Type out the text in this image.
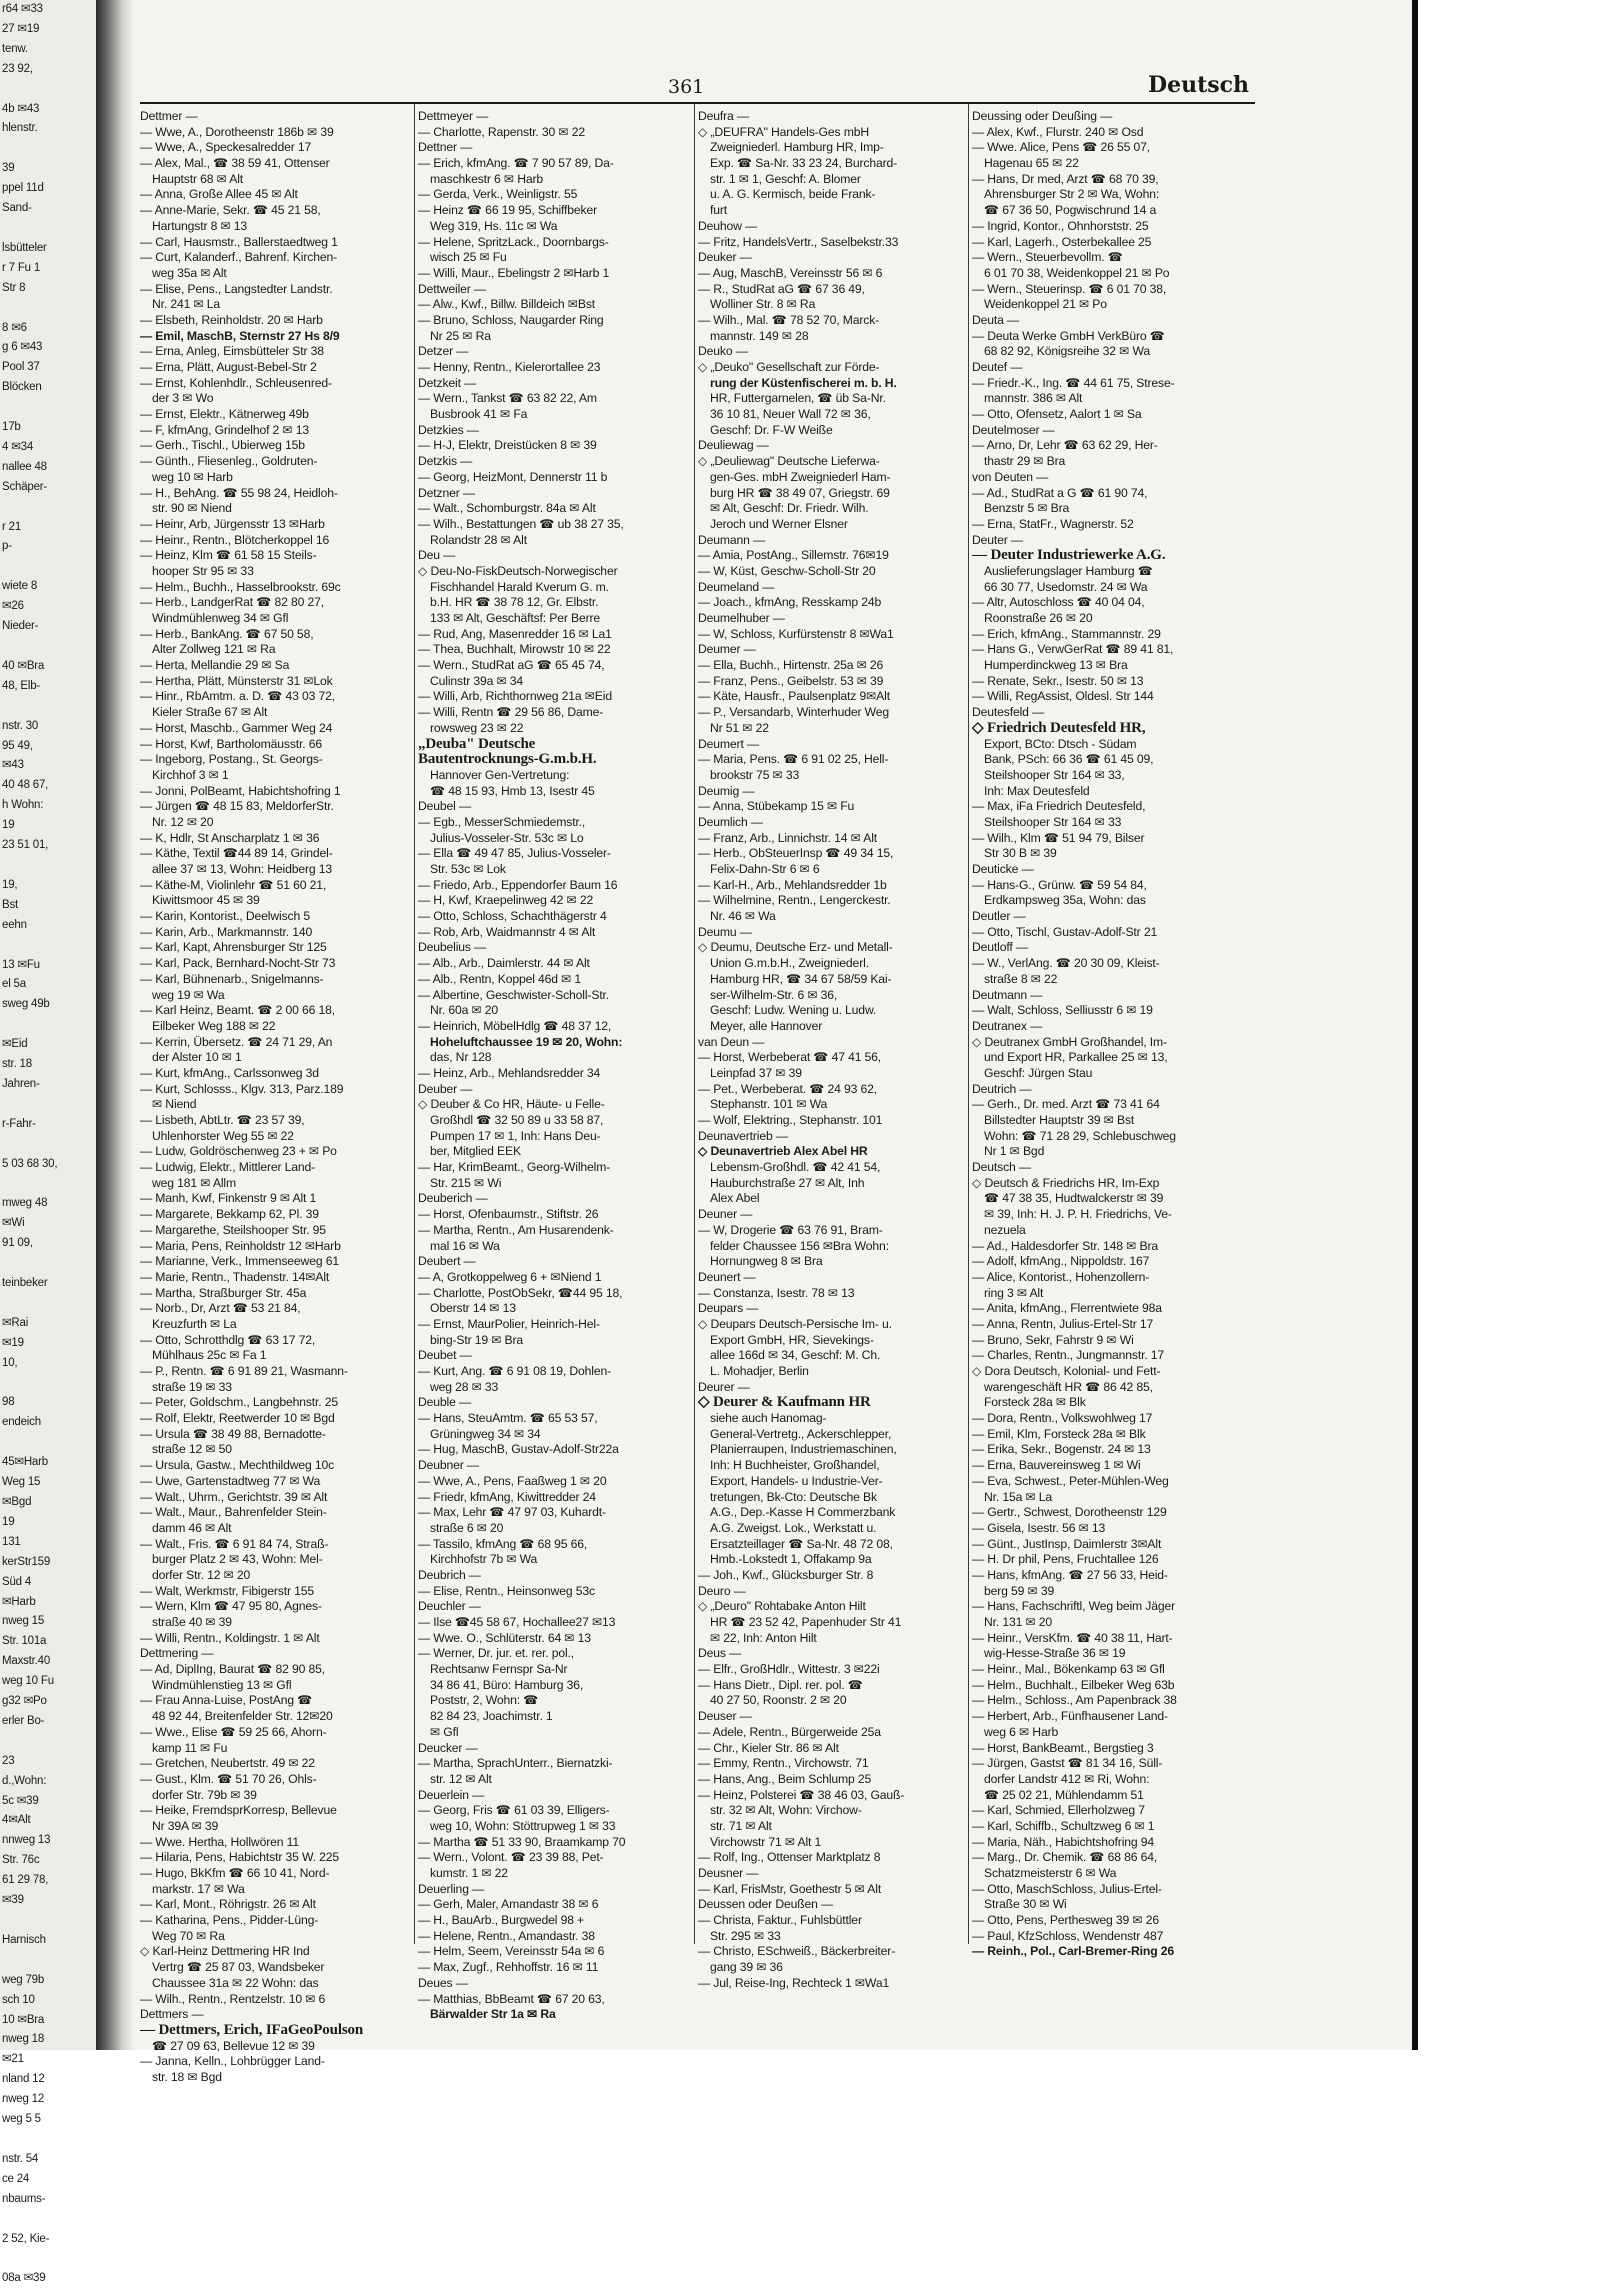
r64 ✉33
27 ✉19
tenw.
23 92,

4b ✉43
hlenstr.

39
ppel 11d
Sand-

lsbütteler
r 7 Fu 1
Str 8

8 ✉6
g 6 ✉43
Pool 37
Blöcken

17b
4 ✉34
nallee 48
Schäper-

r 21
p-

wiete 8
✉26
Nieder-

40 ✉Bra
48, Elb-

nstr. 30
95 49,
✉43
40 48 67,
h Wohn:
19
23 51 01,

19,
Bst
eehn

13 ✉Fu
el 5a
sweg 49b

✉Eid
str. 18
Jahren-

r-Fahr-

5 03 68 30,

mweg 48
✉Wi
91 09,

teinbeker

✉Rai
✉19
10,

98
endeich

45✉Harb
Weg 15
✉Bgd
19
131
kerStr159
Süd 4
✉Harb
nweg 15
Str. 101a
Maxstr.40
weg 10 Fu
g32 ✉Po
erler Bo-

23
d.,Wohn:
5c ✉39
4✉Alt
nnweg 13
Str. 76c
61 29 78,
✉39

Harnisch

weg 79b
sch 10
10 ✉Bra
nweg 18
✉21
nland 12
nweg 12
weg 5 5

nstr. 54
ce 24
nbaums-

2 52, Kie-

08a ✉39
361	Deutsch
Dettmer —
— Wwe, A., Dorotheenstr 186b ✉ 39
— Wwe, A., Speckesalredder 17
— Alex, Mal., ☎ 38 59 41, Ottenser
Hauptstr 68 ✉ Alt
— Anna, Große Allee 45 ✉ Alt
— Anne-Marie, Sekr. ☎ 45 21 58,
Hartungstr 8 ✉ 13
— Carl, Hausmstr., Ballerstaedtweg 1
— Curt, Kalanderf., Bahrenf. Kirchen-
weg 35a ✉ Alt
— Elise, Pens., Langstedter Landstr.
Nr. 241 ✉ La
— Elsbeth, Reinholdstr. 20 ✉ Harb
— Emil, MaschB, Sternstr 27 Hs 8/9
— Erna, Anleg, Eimsbütteler Str 38
— Erna, Plätt, August-Bebel-Str 2
— Ernst, Kohlenhdlr., Schleusenred-
der 3 ✉ Wo
— Ernst, Elektr., Kätnerweg 49b
— F, kfmAng, Grindelhof 2 ✉ 13
— Gerh., Tischl., Ubierweg 15b
— Günth., Fliesenleg., Goldruten-
weg 10 ✉ Harb
— H., BehAng. ☎ 55 98 24, Heidloh-
str. 90 ✉ Niend
— Heinr, Arb, Jürgensstr 13 ✉Harb
— Heinr., Rentn., Blötcherkoppel 16
— Heinz, Klm ☎ 61 58 15 Steils-
hooper Str 95 ✉ 33
— Helm., Buchh., Hasselbrookstr. 69c
— Herb., LandgerRat ☎ 82 80 27,
Windmühlenweg 34 ✉ Gfl
— Herb., BankAng. ☎ 67 50 58,
Alter Zollweg 121 ✉ Ra
— Herta, Mellandie 29 ✉ Sa
— Hertha, Plätt, Münsterstr 31 ✉Lok
— Hinr., RbAmtm. a. D. ☎ 43 03 72,
Kieler Straße 67 ✉ Alt
— Horst, Maschb., Gammer Weg 24
— Horst, Kwf, Bartholomäusstr. 66
— Ingeborg, Postang., St. Georgs-
Kirchhof 3 ✉ 1
— Jonni, PolBeamt, Habichtshofring 1
— Jürgen ☎ 48 15 83, MeldorferStr.
Nr. 12 ✉ 20
— K, Hdlr, St Anscharplatz 1 ✉ 36
— Käthe, Textil ☎44 89 14, Grindel-
allee 37 ✉ 13, Wohn: Heidberg 13
— Käthe-M, Violinlehr ☎ 51 60 21,
Kiwittsmoor 45 ✉ 39
— Karin, Kontorist., Deelwisch 5
— Karin, Arb., Markmannstr. 140
— Karl, Kapt, Ahrensburger Str 125
— Karl, Pack, Bernhard-Nocht-Str 73
— Karl, Bühnenarb., Snigelmanns-
weg 19 ✉ Wa
— Karl Heinz, Beamt. ☎ 2 00 66 18,
Eilbeker Weg 188 ✉ 22
— Kerrin, Übersetz. ☎ 24 71 29, An
der Alster 10 ✉ 1
— Kurt, kfmAng., Carlssonweg 3d
— Kurt, Schlosss., Klgv. 313, Parz.189
✉ Niend
— Lisbeth, AbtLtr. ☎ 23 57 39,
Uhlenhorster Weg 55 ✉ 22
— Ludw, Goldröschenweg 23 + ✉ Po
— Ludwig, Elektr., Mittlerer Land-
weg 181 ✉ Allm
— Manh, Kwf, Finkenstr 9 ✉ Alt 1
— Margarete, Bekkamp 62, Pl. 39
— Margarethe, Steilshooper Str. 95
— Maria, Pens, Reinholdstr 12 ✉Harb
— Marianne, Verk., Immenseeweg 61
— Marie, Rentn., Thadenstr. 14✉Alt
— Martha, Straßburger Str. 45a
— Norb., Dr, Arzt ☎ 53 21 84,
Kreuzfurth ✉ La
— Otto, Schrotthdlg ☎ 63 17 72,
Mühlhaus 25c ✉ Fa 1
— P., Rentn. ☎ 6 91 89 21, Wasmann-
straße 19 ✉ 33
— Peter, Goldschm., Langbehnstr. 25
— Rolf, Elektr, Reetwerder 10 ✉ Bgd
— Ursula ☎ 38 49 88, Bernadotte-
straße 12 ✉ 50
— Ursula, Gastw., Mechthildweg 10c
— Uwe, Gartenstadtweg 77 ✉ Wa
— Walt., Uhrm., Gerichtstr. 39 ✉ Alt
— Walt., Maur., Bahrenfelder Stein-
damm 46 ✉ Alt
— Walt., Fris. ☎ 6 91 84 74, Straß-
burger Platz 2 ✉ 43, Wohn: Mel-
dorfer Str. 12 ✉ 20
— Walt, Werkmstr, Fibigerstr 155
— Wern, Klm ☎ 47 95 80, Agnes-
straße 40 ✉ 39
— Willi, Rentn., Koldingstr. 1 ✉ Alt
Dettmering —
— Ad, DiplIng, Baurat ☎ 82 90 85,
Windmühlenstieg 13 ✉ Gfl
— Frau Anna-Luise, PostAng ☎
48 92 44, Breitenfelder Str. 12✉20
— Wwe., Elise ☎ 59 25 66, Ahorn-
kamp 11 ✉ Fu
— Gretchen, Neubertstr. 49 ✉ 22
— Gust., Klm. ☎ 51 70 26, Ohls-
dorfer Str. 79b ✉ 39
— Heike, FremdsprKorresp, Bellevue
Nr 39A ✉ 39
— Wwe. Hertha, Hollwören 11
— Hilaria, Pens, Habichtstr 35 W. 225
— Hugo, BkKfm ☎ 66 10 41, Nord-
markstr. 17 ✉ Wa
— Karl, Mont., Röhrigstr. 26 ✉ Alt
— Katharina, Pens., Pidder-Lüng-
Weg 70 ✉ Ra
◇ Karl-Heinz Dettmering HR Ind
Vertrg ☎ 25 87 03, Wandsbeker
Chaussee 31a ✉ 22 Wohn: das
— Wilh., Rentn., Rentzelstr. 10 ✉ 6
Dettmers —
— Dettmers, Erich, IFaGeoPoulson
☎ 27 09 63, Bellevue 12 ✉ 39
— Janna, Kelln., Lohbrügger Land-
str. 18 ✉ Bgd
Dettmeyer —
— Charlotte, Rapenstr. 30 ✉ 22
Dettner —
— Erich, kfmAng. ☎ 7 90 57 89, Da-
maschkestr 6 ✉ Harb
— Gerda, Verk., Weinligstr. 55
— Heinz ☎ 66 19 95, Schiffbeker
Weg 319, Hs. 11c ✉ Wa
— Helene, SpritzLack., Doornbargs-
wisch 25 ✉ Fu
— Willi, Maur., Ebelingstr 2 ✉Harb 1
Dettweiler —
— Alw., Kwf., Billw. Billdeich ✉Bst
— Bruno, Schloss, Naugarder Ring
Nr 25 ✉ Ra
Detzer —
— Henny, Rentn., Kielerortallee 23
Detzkeit —
— Wern., Tankst ☎ 63 82 22, Am
Busbrook 41 ✉ Fa
Detzkies —
— H-J, Elektr, Dreistücken 8 ✉ 39
Detzkis —
— Georg, HeizMont, Dennerstr 11 b
Detzner —
— Walt., Schomburgstr. 84a ✉ Alt
— Wilh., Bestattungen ☎ ub 38 27 35,
Rolandstr 28 ✉ Alt
Deu —
◇ Deu-No-FiskDeutsch-Norwegischer
Fischhandel Harald Kverum G. m.
b.H. HR ☎ 38 78 12, Gr. Elbstr.
133 ✉ Alt, Geschäftsf: Per Berre
— Rud, Ang, Masenredder 16 ✉ La1
— Thea, Buchhalt, Mirowstr 10 ✉ 22
— Wern., StudRat aG ☎ 65 45 74,
Culinstr 39a ✉ 34
— Willi, Arb, Richthornweg 21a ✉Eid
— Willi, Rentn ☎ 29 56 86, Dame-
rowsweg 23 ✉ 22
„Deuba" Deutsche
Bautentrocknungs-G.m.b.H.
Hannover Gen-Vertretung:
☎ 48 15 93, Hmb 13, Isestr 45
Deubel —
— Egb., MesserSchmiedemstr.,
Julius-Vosseler-Str. 53c ✉ Lo
— Ella ☎ 49 47 85, Julius-Vosseler-
Str. 53c ✉ Lok
— Friedo, Arb., Eppendorfer Baum 16
— H, Kwf, Kraepelinweg 42 ✉ 22
— Otto, Schloss, Schachthägerstr 4
— Rob, Arb, Waidmannstr 4 ✉ Alt
Deubelius —
— Alb., Arb., Daimlerstr. 44 ✉ Alt
— Alb., Rentn, Koppel 46d ✉ 1
— Albertine, Geschwister-Scholl-Str.
Nr. 60a ✉ 20
— Heinrich, MöbelHdlg ☎ 48 37 12,
Hoheluftchaussee 19 ✉ 20, Wohn:
das, Nr 128
— Heinz, Arb., Mehlandsredder 34
Deuber —
◇ Deuber & Co HR, Häute- u Felle-
Großhdl ☎ 32 50 89 u 33 58 87,
Pumpen 17 ✉ 1, Inh: Hans Deu-
ber, Mitglied EEK
— Har, KrimBeamt., Georg-Wilhelm-
Str. 215 ✉ Wi
Deuberich —
— Horst, Ofenbaumstr., Stiftstr. 26
— Martha, Rentn., Am Husarendenk-
mal 16 ✉ Wa
Deubert —
— A, Grotkoppelweg 6 + ✉Niend 1
— Charlotte, PostObSekr, ☎44 95 18,
Oberstr 14 ✉ 13
— Ernst, MaurPolier, Heinrich-Hel-
bing-Str 19 ✉ Bra
Deubet —
— Kurt, Ang. ☎ 6 91 08 19, Dohlen-
weg 28 ✉ 33
Deuble —
— Hans, SteuAmtm. ☎ 65 53 57,
Grüningweg 34 ✉ 34
— Hug, MaschB, Gustav-Adolf-Str22a
Deubner —
— Wwe, A., Pens, Faaßweg 1 ✉ 20
— Friedr, kfmAng, Kiwittredder 24
— Max, Lehr ☎ 47 97 03, Kuhardt-
straße 6 ✉ 20
— Tassilo, kfmAng ☎ 68 95 66,
Kirchhofstr 7b ✉ Wa
Deubrich —
— Elise, Rentn., Heinsonweg 53c
Deuchler —
— Ilse ☎45 58 67, Hochallee27 ✉13
— Wwe. O., Schlüterstr. 64 ✉ 13
— Werner, Dr. jur. et. rer. pol.,
Rechtsanw Fernspr Sa-Nr
34 86 41, Büro: Hamburg 36,
Poststr, 2, Wohn: ☎
82 84 23, Joachimstr. 1
✉ Gfl
Deucker —
— Martha, SprachUnterr., Biernatzki-
str. 12 ✉ Alt
Deuerlein —
— Georg, Fris ☎ 61 03 39, Elligers-
weg 10, Wohn: Stöttrupweg 1 ✉ 33
— Martha ☎ 51 33 90, Braamkamp 70
— Wern., Volont. ☎ 23 39 88, Pet-
kumstr. 1 ✉ 22
Deuerling —
— Gerh, Maler, Amandastr 38 ✉ 6
— H., BauArb., Burgwedel 98 +
— Helene, Rentn., Amandastr. 38
— Helm, Seem, Vereinsstr 54a ✉ 6
— Max, Zugf., Rehhoffstr. 16 ✉ 11
Deues —
— Matthias, BbBeamt ☎ 67 20 63,
Bärwalder Str 1a ✉ Ra
Deufra —
◇ „DEUFRA" Handels-Ges mbH
Zweigniederl. Hamburg HR, Imp-
Exp. ☎ Sa-Nr. 33 23 24, Burchard-
str. 1 ✉ 1, Geschf: A. Blomer
u. A. G. Kermisch, beide Frank-
furt
Deuhow —
— Fritz, HandelsVertr., Saselbekstr.33
Deuker —
— Aug, MaschB, Vereinsstr 56 ✉ 6
— R., StudRat aG ☎ 67 36 49,
Wolliner Str. 8 ✉ Ra
— Wilh., Mal. ☎ 78 52 70, Marck-
mannstr. 149 ✉ 28
Deuko —
◇ „Deuko" Gesellschaft zur Förde-
rung der Küstenfischerei m. b. H.
HR, Futtergarnelen, ☎ üb Sa-Nr.
36 10 81, Neuer Wall 72 ✉ 36,
Geschf: Dr. F-W Weiße
Deuliewag —
◇ „Deuliewag" Deutsche Lieferwa-
gen-Ges. mbH Zweigniederl Ham-
burg HR ☎ 38 49 07, Griegstr. 69
✉ Alt, Geschf: Dr. Friedr. Wilh.
Jeroch und Werner Elsner
Deumann —
— Amia, PostAng., Sillemstr. 76✉19
— W, Küst, Geschw-Scholl-Str 20
Deumeland —
— Joach., kfmAng, Resskamp 24b
Deumelhuber —
— W, Schloss, Kurfürstenstr 8 ✉Wa1
Deumer —
— Ella, Buchh., Hirtenstr. 25a ✉ 26
— Franz, Pens., Geibelstr. 53 ✉ 39
— Käte, Hausfr., Paulsenplatz 9✉Alt
— P., Versandarb, Winterhuder Weg
Nr 51 ✉ 22
Deumert —
— Maria, Pens. ☎ 6 91 02 25, Hell-
brookstr 75 ✉ 33
Deumig —
— Anna, Stübekamp 15 ✉ Fu
Deumlich —
— Franz, Arb., Linnichstr. 14 ✉ Alt
— Herb., ObSteuerInsp ☎ 49 34 15,
Felix-Dahn-Str 6 ✉ 6
— Karl-H., Arb., Mehlandsredder 1b
— Wilhelmine, Rentn., Lengerckestr.
Nr. 46 ✉ Wa
Deumu —
◇ Deumu, Deutsche Erz- und Metall-
Union G.m.b.H., Zweigniederl.
Hamburg HR, ☎ 34 67 58/59 Kai-
ser-Wilhelm-Str. 6 ✉ 36,
Geschf: Ludw. Wening u. Ludw.
Meyer, alle Hannover
van Deun —
— Horst, Werbeberat ☎ 47 41 56,
Leinpfad 37 ✉ 39
— Pet., Werbeberat. ☎ 24 93 62,
Stephanstr. 101 ✉ Wa
— Wolf, Elektring., Stephanstr. 101
Deunavertrieb —
◇ Deunavertrieb Alex Abel HR
Lebensm-Großhdl. ☎ 42 41 54,
Hauburchstraße 27 ✉ Alt, Inh
Alex Abel
Deuner —
— W, Drogerie ☎ 63 76 91, Bram-
felder Chaussee 156 ✉Bra Wohn:
Hornungweg 8 ✉ Bra
Deunert —
— Constanza, Isestr. 78 ✉ 13
Deupars —
◇ Deupars Deutsch-Persische Im- u.
Export GmbH, HR, Sievekings-
allee 166d ✉ 34, Geschf: M. Ch.
L. Mohadjer, Berlin
Deurer —
◇ Deurer & Kaufmann HR
siehe auch Hanomag-
General-Vertretg., Ackerschlepper,
Planierraupen, Industriemaschinen,
Inh: H Buchheister, Großhandel,
Export, Handels- u Industrie-Ver-
tretungen, Bk-Cto: Deutsche Bk
A.G., Dep.-Kasse H Commerzbank
A.G. Zweigst. Lok., Werkstatt u.
Ersatzteillager ☎ Sa-Nr. 48 72 08,
Hmb.-Lokstedt 1, Offakamp 9a
— Joh., Kwf., Glücksburger Str. 8
Deuro —
◇ „Deuro" Rohtabake Anton Hilt
HR ☎ 23 52 42, Papenhuder Str 41
✉ 22, Inh: Anton Hilt
Deus —
— Elfr., GroßHdlr., Wittestr. 3 ✉22i
— Hans Dietr., Dipl. rer. pol. ☎
40 27 50, Roonstr. 2 ✉ 20
Deuser —
— Adele, Rentn., Bürgerweide 25a
— Chr., Kieler Str. 86 ✉ Alt
— Emmy, Rentn., Virchowstr. 71
— Hans, Ang., Beim Schlump 25
— Heinz, Polsterei ☎ 38 46 03, Gauß-
str. 32 ✉ Alt, Wohn: Virchow-
str. 71 ✉ Alt
Virchowstr 71 ✉ Alt 1
— Rolf, Ing., Ottenser Marktplatz 8
Deusner —
— Karl, FrisMstr, Goethestr 5 ✉ Alt
Deussen oder Deußen —
— Christa, Faktur., Fuhlsbüttler
Str. 295 ✉ 33
— Christo, ESchweiß., Bäckerbreiter-
gang 39 ✉ 36
— Jul, Reise-Ing, Rechteck 1 ✉Wa1
Deussing oder Deußing —
— Alex, Kwf., Flurstr. 240 ✉ Osd
— Wwe. Alice, Pens ☎ 26 55 07,
Hagenau 65 ✉ 22
— Hans, Dr med, Arzt ☎ 68 70 39,
Ahrensburger Str 2 ✉ Wa, Wohn:
☎ 67 36 50, Pogwischrund 14 a
— Ingrid, Kontor., Ohnhorststr. 25
— Karl, Lagerh., Osterbekallee 25
— Wern., Steuerbevollm. ☎
6 01 70 38, Weidenkoppel 21 ✉ Po
— Wern., Steuerinsp. ☎ 6 01 70 38,
Weidenkoppel 21 ✉ Po
Deuta —
— Deuta Werke GmbH VerkBüro ☎
68 82 92, Königsreihe 32 ✉ Wa
Deutef —
— Friedr.-K., Ing. ☎ 44 61 75, Strese-
mannstr. 386 ✉ Alt
— Otto, Ofensetz, Aalort 1 ✉ Sa
Deutelmoser —
— Arno, Dr, Lehr ☎ 63 62 29, Her-
thastr 29 ✉ Bra
von Deuten —
— Ad., StudRat a G ☎ 61 90 74,
Benzstr 5 ✉ Bra
— Erna, StatFr., Wagnerstr. 52
Deuter —
— Deuter Industriewerke A.G.
Auslieferungslager Hamburg ☎
66 30 77, Usedomstr. 24 ✉ Wa
— Altr, Autoschloss ☎ 40 04 04,
Roonstraße 26 ✉ 20
— Erich, kfmAng., Stammannstr. 29
— Hans G., VerwGerRat ☎ 89 41 81,
Humperdinckweg 13 ✉ Bra
— Renate, Sekr., Isestr. 50 ✉ 13
— Willi, RegAssist, Oldesl. Str 144
Deutesfeld —
◇ Friedrich Deutesfeld HR,
Export, BCto: Dtsch - Südam
Bank, PSch: 66 36 ☎ 61 45 09,
Steilshooper Str 164 ✉ 33,
Inh: Max Deutesfeld
— Max, iFa Friedrich Deutesfeld,
Steilshooper Str 164 ✉ 33
— Wilh., Klm ☎ 51 94 79, Bilser
Str 30 B ✉ 39
Deuticke —
— Hans-G., Grünw. ☎ 59 54 84,
Erdkampsweg 35a, Wohn: das
Deutler —
— Otto, Tischl, Gustav-Adolf-Str 21
Deutloff —
— W., VerlAng. ☎ 20 30 09, Kleist-
straße 8 ✉ 22
Deutmann —
— Walt, Schloss, Selliusstr 6 ✉ 19
Deutranex —
◇ Deutranex GmbH Großhandel, Im-
und Export HR, Parkallee 25 ✉ 13,
Geschf: Jürgen Stau
Deutrich —
— Gerh., Dr. med. Arzt ☎ 73 41 64
Billstedter Hauptstr 39 ✉ Bst
Wohn: ☎ 71 28 29, Schlebuschweg
Nr 1 ✉ Bgd
Deutsch —
◇ Deutsch & Friedrichs HR, Im-Exp
☎ 47 38 35, Hudtwalckerstr ✉ 39
✉ 39, Inh: H. J. P. H. Friedrichs, Ve-
nezuela
— Ad., Haldesdorfer Str. 148 ✉ Bra
— Adolf, kfmAng., Nippoldstr. 167
— Alice, Kontorist., Hohenzollern-
ring 3 ✉ Alt
— Anita, kfmAng., Flerrentwiete 98a
— Anna, Rentn, Julius-Ertel-Str 17
— Bruno, Sekr, Fahrstr 9 ✉ Wi
— Charles, Rentn., Jungmannstr. 17
◇ Dora Deutsch, Kolonial- und Fett-
warengeschäft HR ☎ 86 42 85,
Forsteck 28a ✉ Blk
— Dora, Rentn., Volkswohlweg 17
— Emil, Klm, Forsteck 28a ✉ Blk
— Erika, Sekr., Bogenstr. 24 ✉ 13
— Erna, Bauvereinsweg 1 ✉ Wi
— Eva, Schwest., Peter-Mühlen-Weg
Nr. 15a ✉ La
— Gertr., Schwest, Dorotheenstr 129
— Gisela, Isestr. 56 ✉ 13
— Günt., JustInsp, Daimlerstr 3✉Alt
— H. Dr phil, Pens, Fruchtallee 126
— Hans, kfmAng. ☎ 27 56 33, Heid-
berg 59 ✉ 39
— Hans, Fachschriftl, Weg beim Jäger
Nr. 131 ✉ 20
— Heinr., VersKfm. ☎ 40 38 11, Hart-
wig-Hesse-Straße 36 ✉ 19
— Heinr., Mal., Bökenkamp 63 ✉ Gfl
— Helm., Buchhalt., Eilbeker Weg 63b
— Helm., Schloss., Am Papenbrack 38
— Herbert, Arb., Fünfhausener Land-
weg 6 ✉ Harb
— Horst, BankBeamt., Bergstieg 3
— Jürgen, Gastst ☎ 81 34 16, Süll-
dorfer Landstr 412 ✉ Ri, Wohn:
☎ 25 02 21, Mühlendamm 51
— Karl, Schmied, Ellerholzweg 7
— Karl, Schiffb., Schultzweg 6 ✉ 1
— Maria, Näh., Habichtshofring 94
— Marg., Dr. Chemik. ☎ 68 86 64,
Schatzmeisterstr 6 ✉ Wa
— Otto, MaschSchloss, Julius-Ertel-
Straße 30 ✉ Wi
— Otto, Pens, Perthesweg 39 ✉ 26
— Paul, KfzSchloss, Wendenstr 487
— Reinh., Pol., Carl-Bremer-Ring 26
